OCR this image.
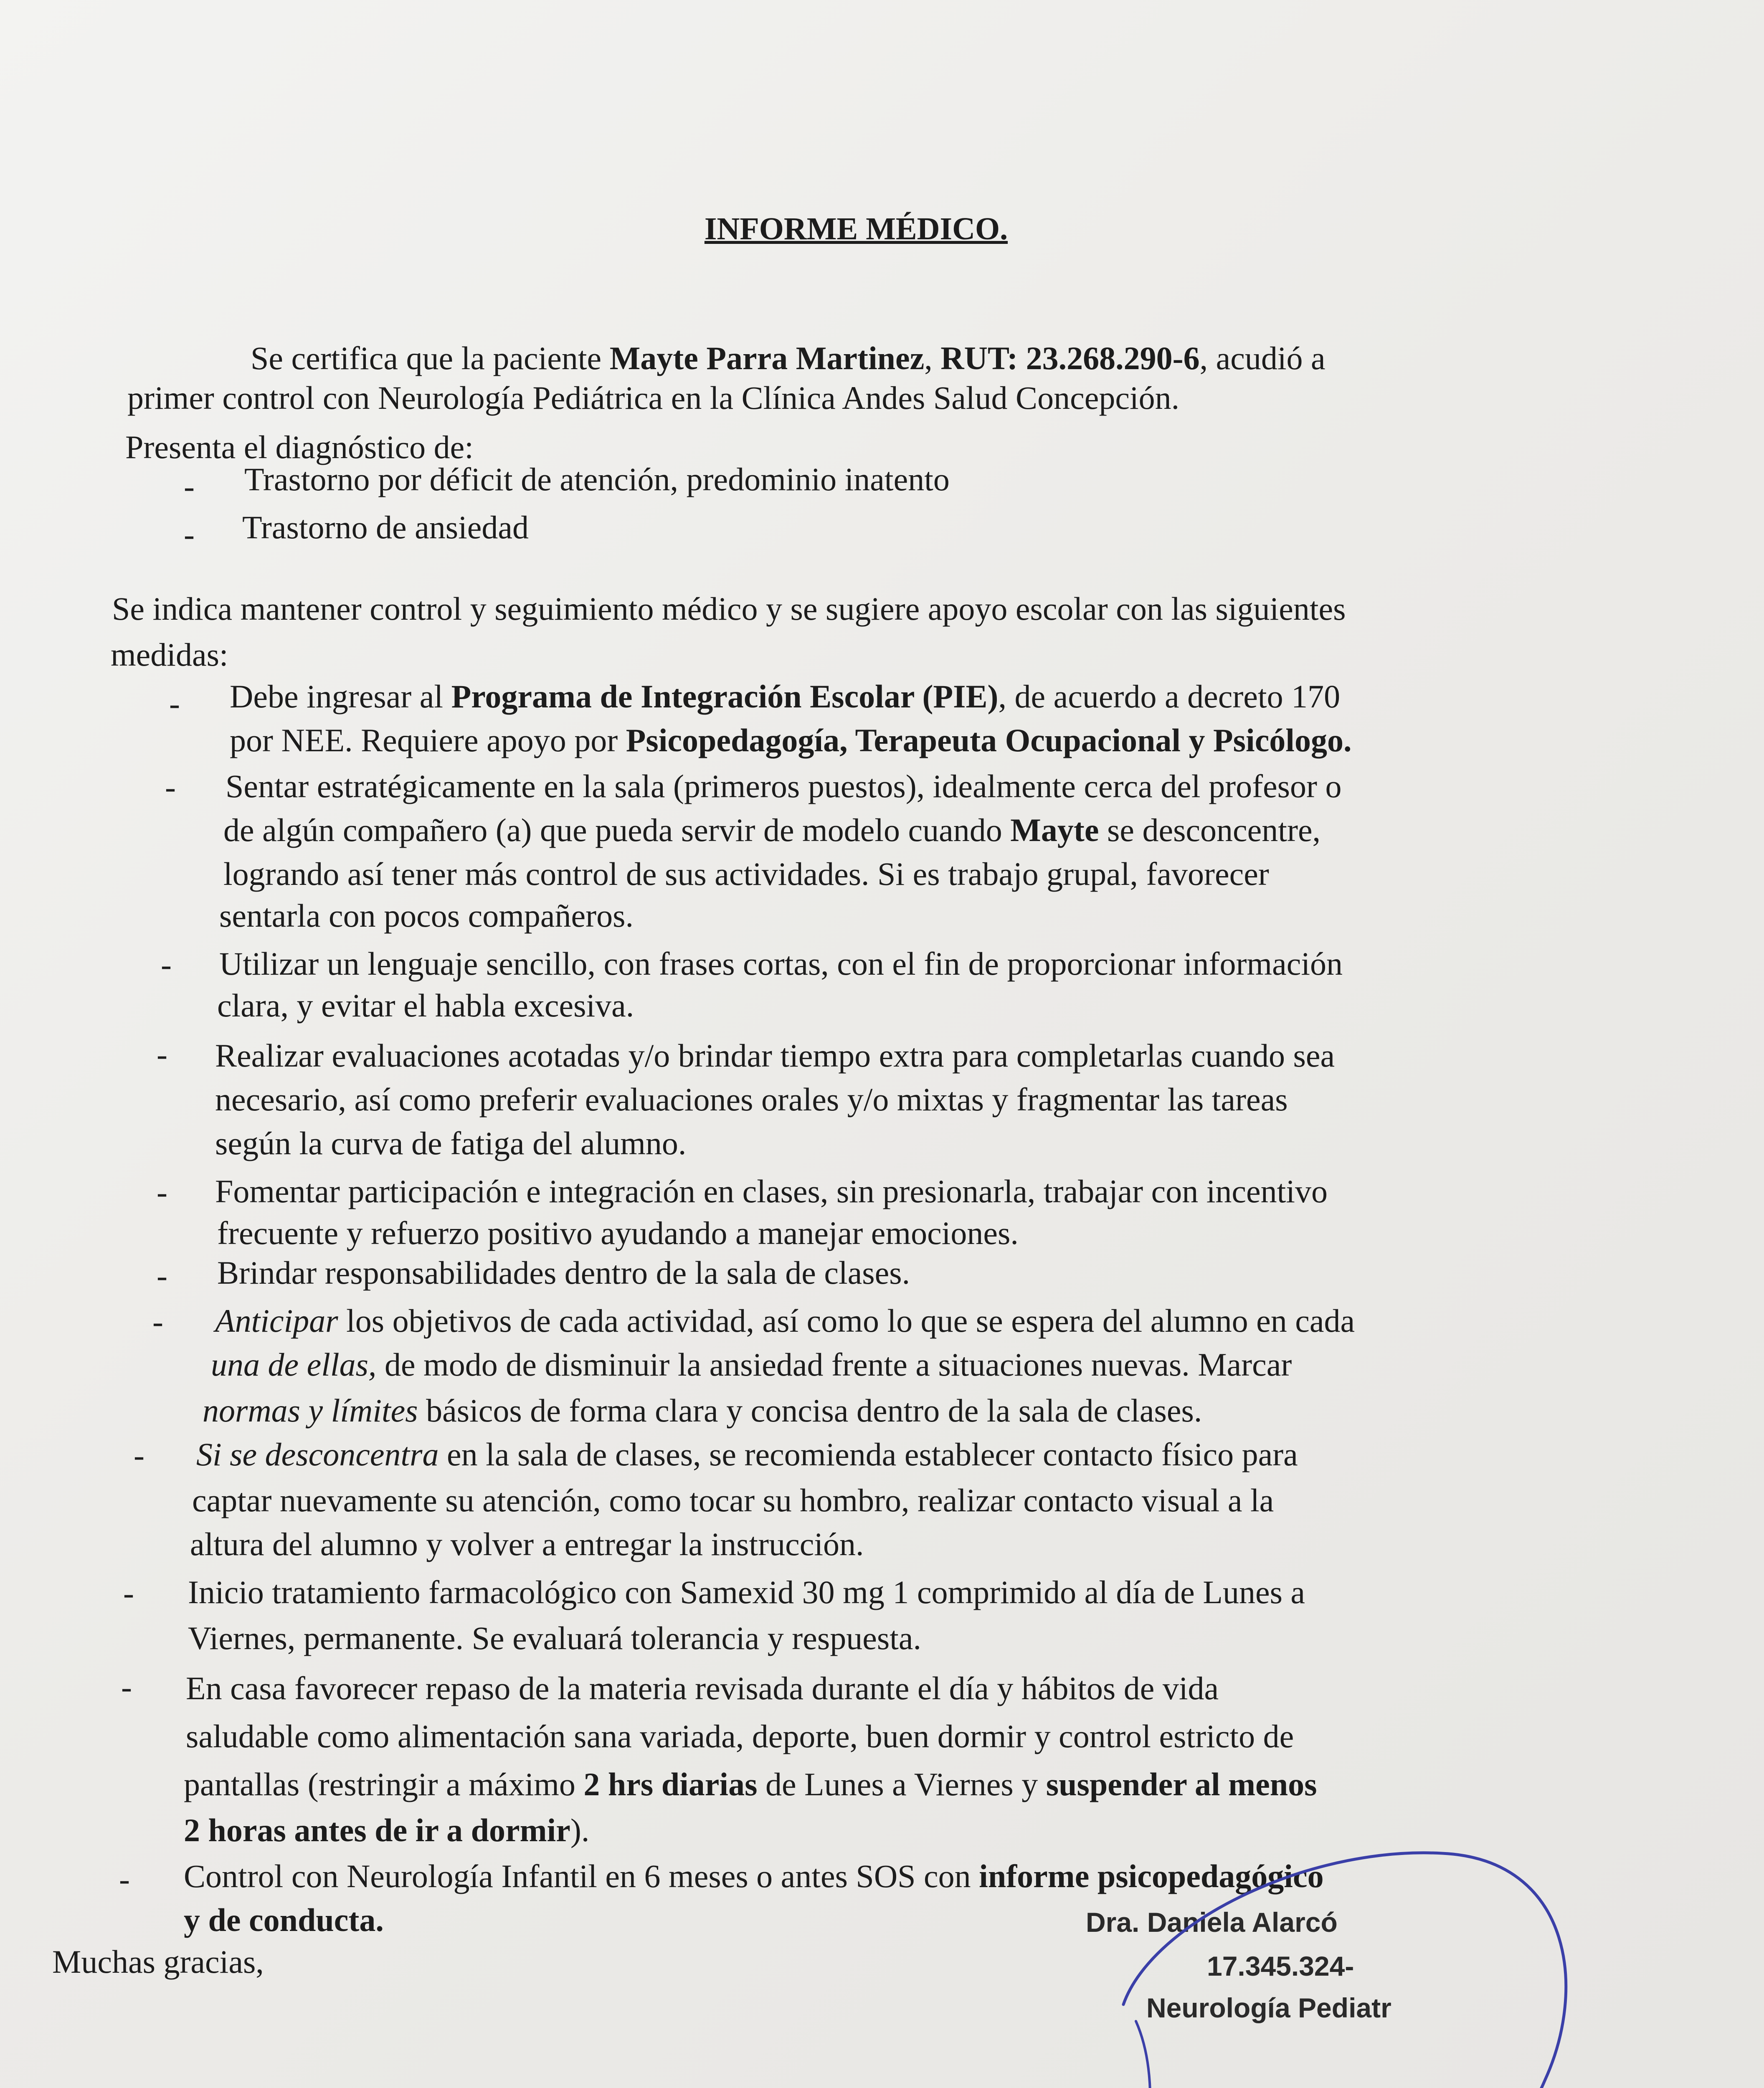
INFORME MÉDICO.
Se certifica que la paciente Mayte Parra Martinez, RUT: 23.268.290-6, acudió a
primer control con Neurología Pediátrica en la Clínica Andes Salud Concepción.
Presenta el diagnóstico de:
- Trastorno por déficit de atención, predominio inatento
- Trastorno de ansiedad
Se indica mantener control y seguimiento médico y se sugiere apoyo escolar con las siguientes
medidas:
- Debe ingresar al Programa de Integración Escolar (PIE), de acuerdo a decreto 170
por NEE. Requiere apoyo por Psicopedagogía, Terapeuta Ocupacional y Psicólogo.
- Sentar estratégicamente en la sala (primeros puestos), idealmente cerca del profesor o
de algún compañero (a) que pueda servir de modelo cuando Mayte se desconcentre,
logrando así tener más control de sus actividades. Si es trabajo grupal, favorecer
sentarla con pocos compañeros.
- Utilizar un lenguaje sencillo, con frases cortas, con el fin de proporcionar información
clara, y evitar el habla excesiva.
- Realizar evaluaciones acotadas y/o brindar tiempo extra para completarlas cuando sea
necesario, así como preferir evaluaciones orales y/o mixtas y fragmentar las tareas
según la curva de fatiga del alumno.
- Fomentar participación e integración en clases, sin presionarla, trabajar con incentivo
frecuente y refuerzo positivo ayudando a manejar emociones.
- Brindar responsabilidades dentro de la sala de clases.
- Anticipar los objetivos de cada actividad, así como lo que se espera del alumno en cada
una de ellas, de modo de disminuir la ansiedad frente a situaciones nuevas. Marcar
normas y límites básicos de forma clara y concisa dentro de la sala de clases.
- Si se desconcentra en la sala de clases, se recomienda establecer contacto físico para
captar nuevamente su atención, como tocar su hombro, realizar contacto visual a la
altura del alumno y volver a entregar la instrucción.
- Inicio tratamiento farmacológico con Samexid 30 mg 1 comprimido al día de Lunes a
Viernes, permanente. Se evaluará tolerancia y respuesta.
- En casa favorecer repaso de la materia revisada durante el día y hábitos de vida
saludable como alimentación sana variada, deporte, buen dormir y control estricto de
pantallas (restringir a máximo 2 hrs diarias de Lunes a Viernes y suspender al menos
2 horas antes de ir a dormir).
- Control con Neurología Infantil en 6 meses o antes SOS con informe psicopedagógico
y de conducta.
Muchas gracias,
Dra. Daniela Alarcó
17.345.324-
Neurología Pediatr
